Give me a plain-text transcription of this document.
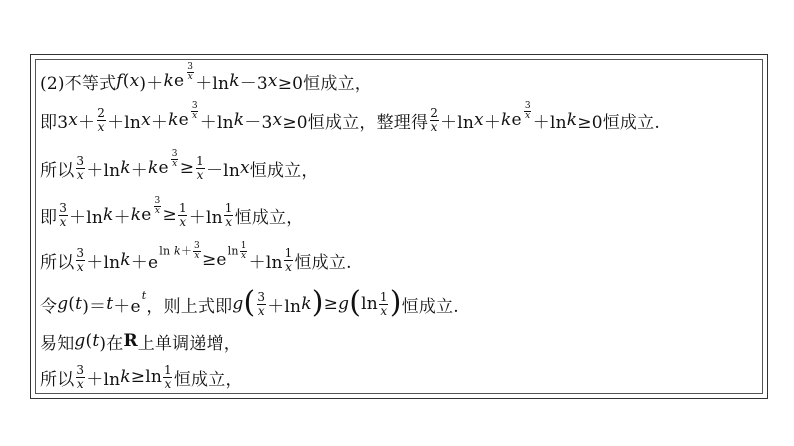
(2)不等式 f ( x )＋ k e $\frac{3}{x}$
＋ln k －3 x ≥0恒成立，
即3 $x + \frac{2}{x} +\ln$ x ＋ k e $\frac{3}{x}$
＋ln k －3 x ≥0恒成立，整理得 $\frac{2}{x} +\ln$ x ＋ k e $\frac{3}{x}$
＋ln k ≥0恒成立.
所以 $\frac{3}{x} +\ln$ k ＋ k e $\frac{3}{x} \ge \frac{1}{x} -\ln$ x 恒成立，
即 $\frac{3}{x} +\ln$ k ＋ k e $\frac{3}{x} \ge \frac{1}{x} +\ln \frac{1}{x}$ 恒成立，
所以 $\frac{3}{x} +\ln$ k ＋e
$\ln k+ \frac{3}{x} \ge e$ $\ln \frac{1}{x}$
$+\ln \frac{1}{x}$ 恒成立.
令 g ( t )＝ t ＋e
t
，则上式即 g ( $\frac{3}{x} +\ln$ k ) ≥ g ( $\ln \frac{1}{x}$ ) 恒成立.
易知 g ( t )在 R 上单调递增，
所以 $\frac{3}{x} +\ln$ $k \ge\ln \frac{1}{x}$ 恒成立，
